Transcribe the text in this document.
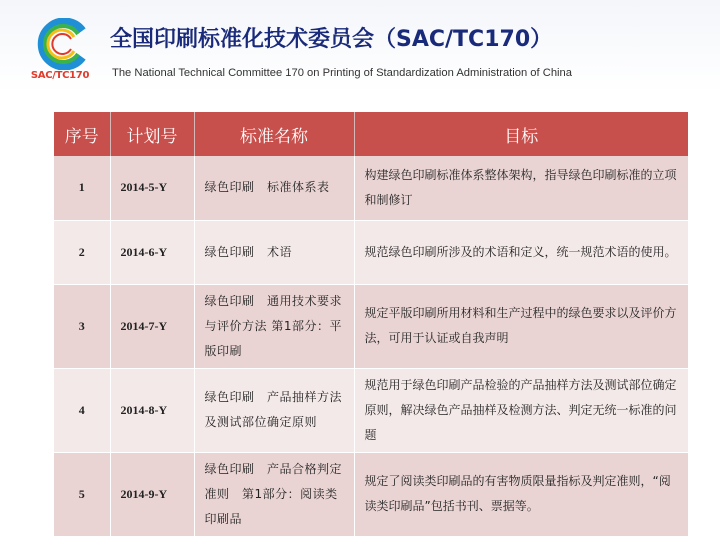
SAC/TC170
全国印刷标准化技术委员会（SAC/TC170）

The National Technical Committee 170 on Printing of Standardization Administration of China

序号	计划号	标准名称	目标
1	2014-5-Y	绿色印刷　标准体系表	构建绿色印刷标准体系整体架构，指导绿色印刷标准的立项和制修订
2	2014-6-Y	绿色印刷　术语	规范绿色印刷所涉及的术语和定义，统一规范术语的使用。
3	2014-7-Y	绿色印刷　通用技术要求与评价方法 第1部分：平版印刷	规定平版印刷所用材料和生产过程中的绿色要求以及评价方法，可用于认证或自我声明
4	2014-8-Y	绿色印刷　产品抽样方法及测试部位确定原则	规范用于绿色印刷产品检验的产品抽样方法及测试部位确定原则，解决绿色产品抽样及检测方法、判定无统一标准的问题
5	2014-9-Y	绿色印刷　产品合格判定准则　第1部分：阅读类印刷品	规定了阅读类印刷品的有害物质限量指标及判定准则，“阅读类印刷品”包括书刊、票据等。
